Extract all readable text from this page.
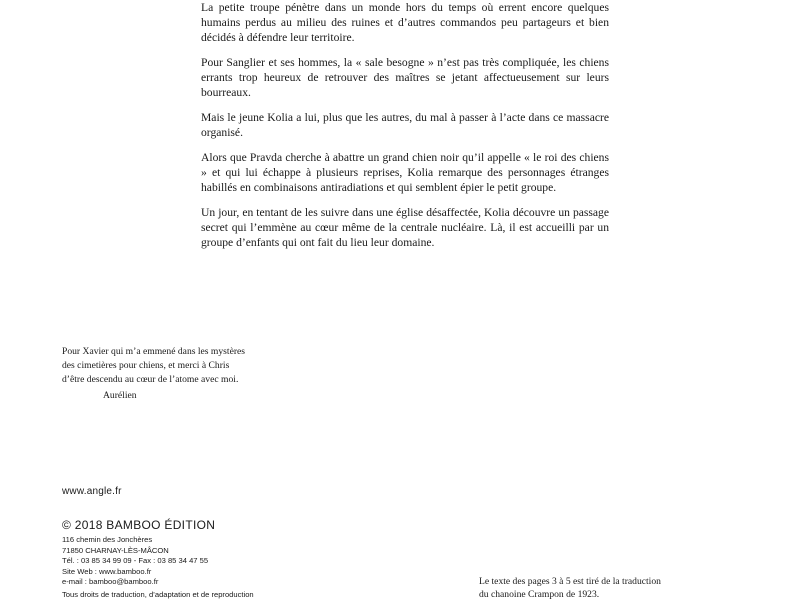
La petite troupe pénètre dans un monde hors du temps où errent encore quelques humains perdus au milieu des ruines et d’autres commandos peu partageurs et bien décidés à défendre leur territoire.

Pour Sanglier et ses hommes, la « sale besogne » n’est pas très compliquée, les chiens errants trop heureux de retrouver des maîtres se jetant affectueusement sur leurs bourreaux.

Mais le jeune Kolia a lui, plus que les autres, du mal à passer à l’acte dans ce massacre organisé.

Alors que Pravda cherche à abattre un grand chien noir qu’il appelle « le roi des chiens » et qui lui échappe à plusieurs reprises, Kolia remarque des personnages étranges habillés en combinaisons antiradiations et qui semblent épier le petit groupe.

Un jour, en tentant de les suivre dans une église désaffectée, Kolia découvre un passage secret qui l’emmène au cœur même de la centrale nucléaire. Là, il est accueilli par un groupe d’enfants qui ont fait du lieu leur domaine.

Pour Xavier qui m’a emmené dans les mystères
des cimetières pour chiens, et merci à Chris
d’être descendu au cœur de l’atome avec moi.
Aurélien
www.angle.fr
© 2018 BAMBOO ÉDITION
116 chemin des Jonchères
71850 CHARNAY-LÈS-MÂCON
Tél. : 03 85 34 99 09 - Fax : 03 85 34 47 55
Site Web : www.bamboo.fr
e-mail : bamboo@bamboo.fr
Tous droits de traduction, d’adaptation et de reproduction
Le texte des pages 3 à 5 est tiré de la traduction
du chanoine Crampon de 1923.
